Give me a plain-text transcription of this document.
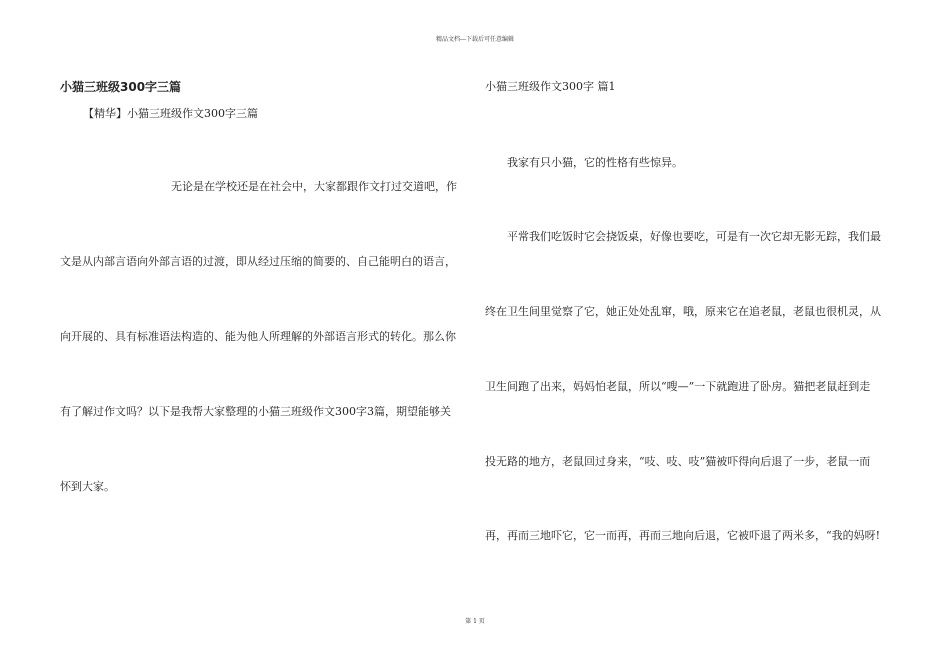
精品文档---下载后可任意编辑
小猫三班级300字三篇
【精华】小猫三班级作文300字三篇
无论是在学校还是在社会中，大家都跟作文打过交道吧，作
文是从内部言语向外部言语的过渡，即从经过压缩的简要的、自己能明白的语言，
向开展的、具有标准语法构造的、能为他人所理解的外部语言形式的转化。那么你
有了解过作文吗？以下是我帮大家整理的小猫三班级作文300字3篇，期望能够关
怀到大家。
小猫三班级作文300字 篇1
我家有只小猫，它的性格有些惊异。
平常我们吃饭时它会挠饭桌，好像也要吃，可是有一次它却无影无踪，我们最
终在卫生间里觉察了它，她正处处乱窜，哦，原来它在追老鼠，老鼠也很机灵，从
卫生间跑了出来，妈妈怕老鼠，所以“嗖—”一下就跑进了卧房。猫把老鼠赶到走
投无路的地方，老鼠回过身来，“吱、吱、吱”猫被吓得向后退了一步，老鼠一而
再，再而三地吓它，它一而再，再而三地向后退，它被吓退了两米多，“我的妈呀!
第 1 页
